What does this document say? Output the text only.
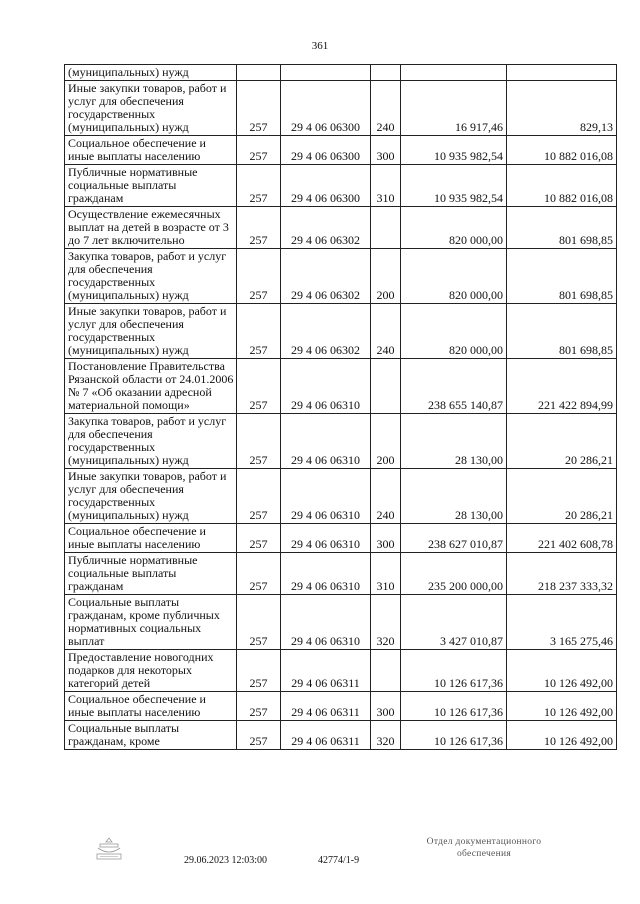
361
(муниципальных) нужд					
Иные закупки товаров, работ и услуг для обеспечения государственных (муниципальных) нужд	257	29 4 06 06300	240	16 917,46	829,13
Социальное обеспечение и иные выплаты населению	257	29 4 06 06300	300	10 935 982,54	10 882 016,08
Публичные нормативные социальные выплаты гражданам	257	29 4 06 06300	310	10 935 982,54	10 882 016,08
Осуществление ежемесячных выплат на детей в возрасте от 3 до 7 лет включительно	257	29 4 06 06302		820 000,00	801 698,85
Закупка товаров, работ и услуг для обеспечения государственных (муниципальных) нужд	257	29 4 06 06302	200	820 000,00	801 698,85
Иные закупки товаров, работ и услуг для обеспечения государственных (муниципальных) нужд	257	29 4 06 06302	240	820 000,00	801 698,85
Постановление Правительства Рязанской области от 24.01.2006 № 7 «Об оказании адресной материальной помощи»	257	29 4 06 06310		238 655 140,87	221 422 894,99
Закупка товаров, работ и услуг для обеспечения государственных (муниципальных) нужд	257	29 4 06 06310	200	28 130,00	20 286,21
Иные закупки товаров, работ и услуг для обеспечения государственных (муниципальных) нужд	257	29 4 06 06310	240	28 130,00	20 286,21
Социальное обеспечение и иные выплаты населению	257	29 4 06 06310	300	238 627 010,87	221 402 608,78
Публичные нормативные социальные выплаты гражданам	257	29 4 06 06310	310	235 200 000,00	218 237 333,32
Социальные выплаты гражданам, кроме публичных нормативных социальных выплат	257	29 4 06 06310	320	3 427 010,87	3 165 275,46
Предоставление новогодних подарков для некоторых категорий детей	257	29 4 06 06311		10 126 617,36	10 126 492,00
Социальное обеспечение и иные выплаты населению	257	29 4 06 06311	300	10 126 617,36	10 126 492,00
Социальные выплаты гражданам, кроме	257	29 4 06 06311	320	10 126 617,36	10 126 492,00
29.06.2023 12:03:00	42774/1-9
Отдел документационного
обеспечения
